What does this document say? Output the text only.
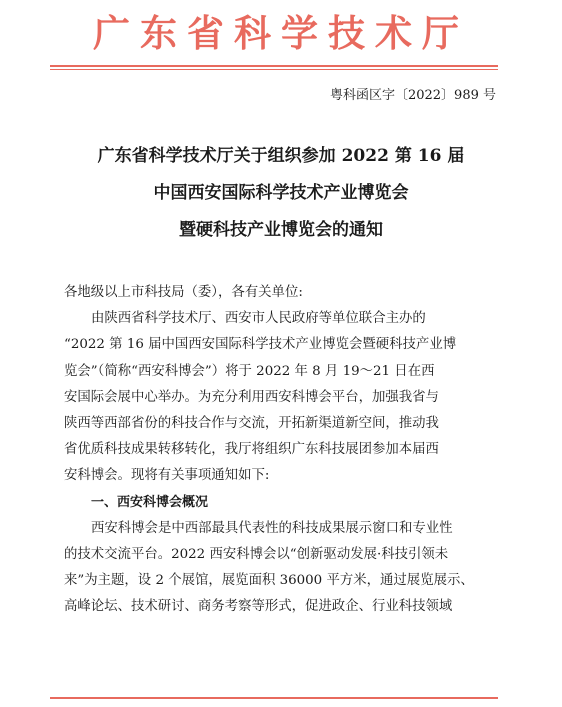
广东省科学技术厅
粤科函区字〔2022〕989 号
广东省科学技术厅关于组织参加 2022 第 16 届
中国西安国际科学技术产业博览会
暨硬科技产业博览会的通知
各地级以上市科技局（委），各有关单位:
由陕西省科学技术厅、西安市人民政府等单位联合主办的
“2022 第 16 届中国西安国际科学技术产业博览会暨硬科技产业博
览会”（简称“西安科博会”）将于 2022 年 8 月 19～21 日在西
安国际会展中心举办。为充分利用西安科博会平台，加强我省与
陕西等西部省份的科技合作与交流，开拓新渠道新空间，推动我
省优质科技成果转移转化，我厅将组织广东科技展团参加本届西
安科博会。现将有关事项通知如下:
一、西安科博会概况
西安科博会是中西部最具代表性的科技成果展示窗口和专业性
的技术交流平台。2022 西安科博会以“创新驱动发展·科技引领未
来”为主题，设 2 个展馆，展览面积 36000 平方米，通过展览展示、
高峰论坛、技术研讨、商务考察等形式，促进政企、行业科技领域
